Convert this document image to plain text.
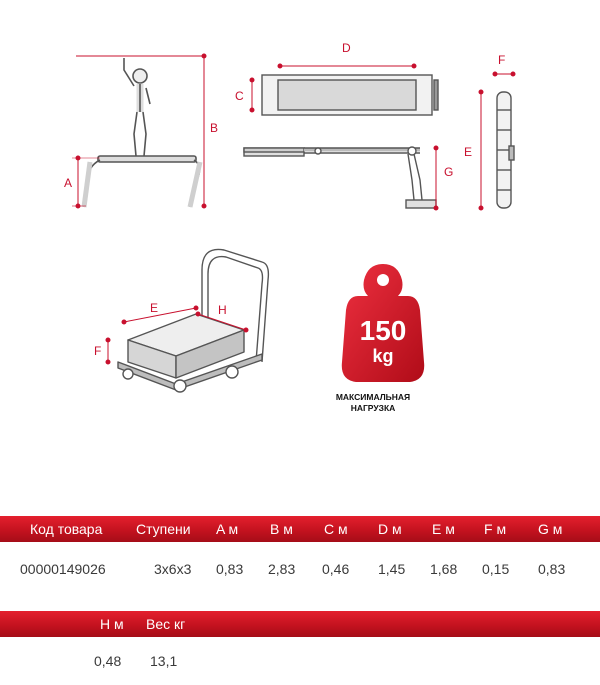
A
B
C
D
G
E
F
E	H
F
150
kg
МАКСИМАЛЬНАЯ
НАГРУЗКА
Код товара Ступени A м B м C м D м E м F м G м
00000149026	3x6x3 0,83 2,83 0,46 1,45 1,68 0,15 0,83
H м Вес кг
0,48 13,1
